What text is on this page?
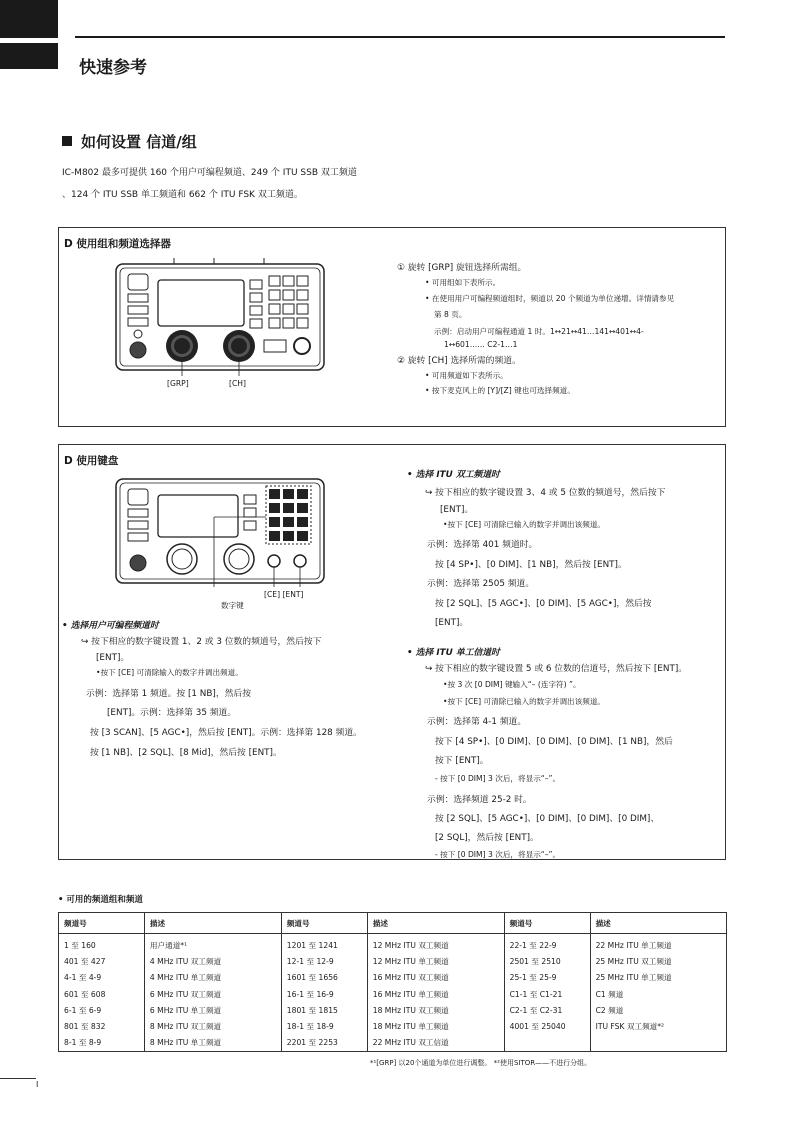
快速参考
如何设置 信道/组
IC-M802 最多可提供 160 个用户可编程频道、249 个 ITU SSB 双工频道
、124 个 ITU SSB 单工频道和 662 个 ITU FSK 双工频道。
D 使用组和频道选择器
[GRP]	[CH]
① 旋转 [GRP] 旋钮选择所需组。
• 可用组如下表所示。
• 在使用用户可编程频道组时，频道以 20 个频道为单位递增。详情请参见
第 8 页。
示例：启动用户可编程通道 1 时。1↔21↔41…141↔401↔4-
1↔601…… C2-1…1
② 旋转 [CH] 选择所需的频道。
• 可用频道如下表所示。
• 按下麦克风上的 [Y]/[Z] 键也可选择频道。
D 使用键盘
数字键
[CE] [ENT]
• 选择用户可编程频道时
↪ 按下相应的数字键设置 1、2 或 3 位数的频道号，然后按下
[ENT]。
•按下 [CE] 可清除输入的数字并调出频道。
示例：选择第 1 频道。按 [1 NB]，然后按
[ENT]。示例：选择第 35 频道。
按 [3 SCAN]、[5 AGC•]，然后按 [ENT]。示例：选择第 128 频道。
按 [1 NB]、[2 SQL]、[8 Mid]，然后按 [ENT]。
• 选择 ITU 双工频道时
↪ 按下相应的数字键设置 3、4 或 5 位数的频道号，然后按下
[ENT]。
•按下 [CE] 可清除已输入的数字并调出该频道。
示例：选择第 401 频道时。
按 [4 SP•]、[0 DIM]、[1 NB]，然后按 [ENT]。
示例：选择第 2505 频道。
按 [2 SQL]、[5 AGC•]、[0 DIM]、[5 AGC•]，然后按
[ENT]。
• 选择 ITU 单工信道时
↪ 按下相应的数字键设置 5 或 6 位数的信道号，然后按下 [ENT]。
•按 3 次 [0 DIM] 键输入“– (连字符) ”。
•按下 [CE] 可清除已输入的数字并调出该频道。
示例：选择第 4-1 频道。
按下 [4 SP•]、[0 DIM]、[0 DIM]、[0 DIM]、[1 NB]，然后
按下 [ENT]。
- 按下 [0 DIM] 3 次后，将显示“–”。
示例：选择频道 25-2 时。
按 [2 SQL]、[5 AGC•]、[0 DIM]、[0 DIM]、[0 DIM]、
[2 SQL]，然后按 [ENT]。
- 按下 [0 DIM] 3 次后，将显示“–”。
• 可用的频道组和频道
频道号	描述	频道号	描述	频道号	描述
1 至 160	用户通道*¹	1201 至 1241	12 MHz ITU 双工频道	22-1 至 22-9	22 MHz ITU 单工频道
401 至 427	4 MHz ITU 双工频道	12-1 至 12-9	12 MHz ITU 单工频道	2501 至 2510	25 MHz ITU 双工频道
4-1 至 4-9	4 MHz ITU 单工频道	1601 至 1656	16 MHz ITU 双工频道	25-1 至 25-9	25 MHz ITU 单工频道
601 至 608	6 MHz ITU 双工频道	16-1 至 16-9	16 MHz ITU 单工频道	C1-1 至 C1-21	C1 频道
6-1 至 6-9	6 MHz ITU 单工频道	1801 至 1815	18 MHz ITU 双工频道	C2-1 至 C2-31	C2 频道
801 至 832	8 MHz ITU 双工频道	18-1 至 18-9	18 MHz ITU 单工频道	4001 至 25040	ITU FSK 双工频道*²
8-1 至 8-9	8 MHz ITU 单工频道	2201 至 2253	22 MHz ITU 双工信道		
*¹[GRP] 以20个通道为单位进行调整。 *²使用SITOR——不进行分组。
I
